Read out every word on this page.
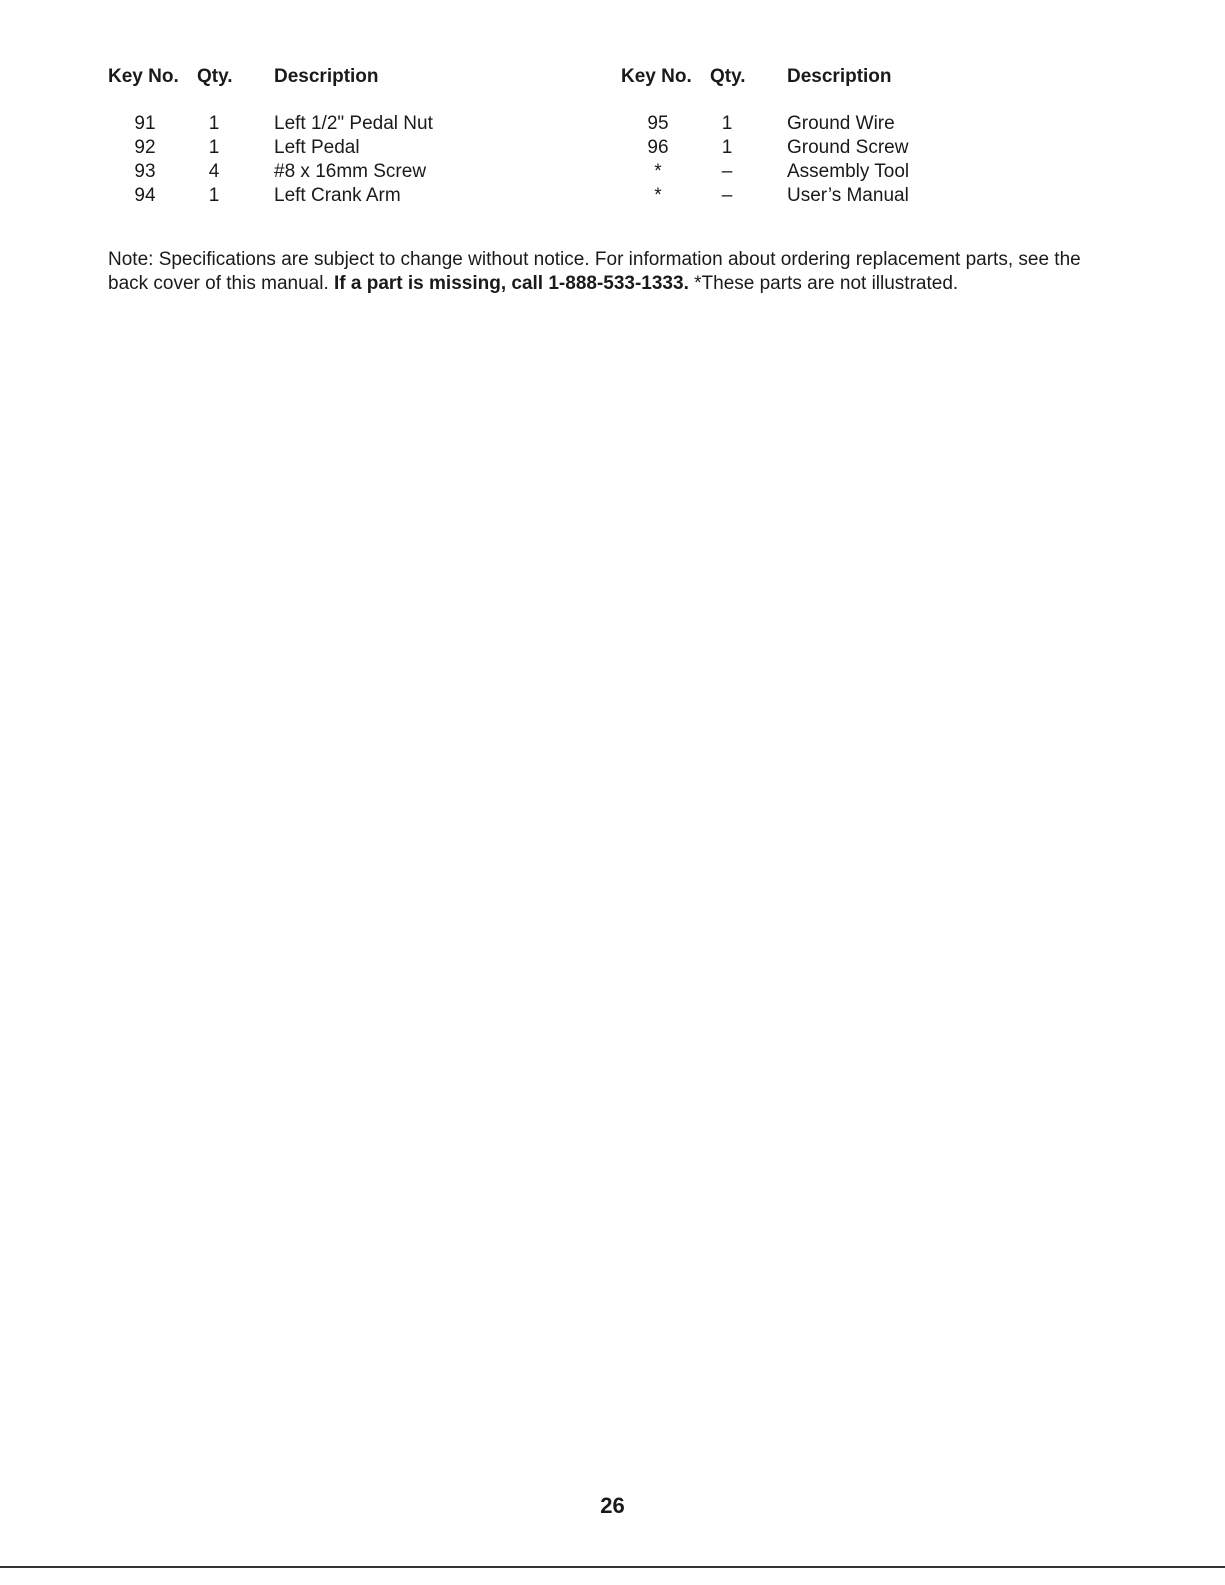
Key No. Qty. Description
91	1	Left 1/2" Pedal Nut
92	1	Left Pedal
93	4	#8 x 16mm Screw
94	1	Left Crank Arm
Key No. Qty. Description
95	1	Ground Wire
96	1	Ground Screw
*	–	Assembly Tool
*	–	User’s Manual

Note: Specifications are subject to change without notice. For information about ordering replacement parts, see the back cover of this manual. If a part is missing, call 1-888-533-1333. *These parts are not illustrated.

26
